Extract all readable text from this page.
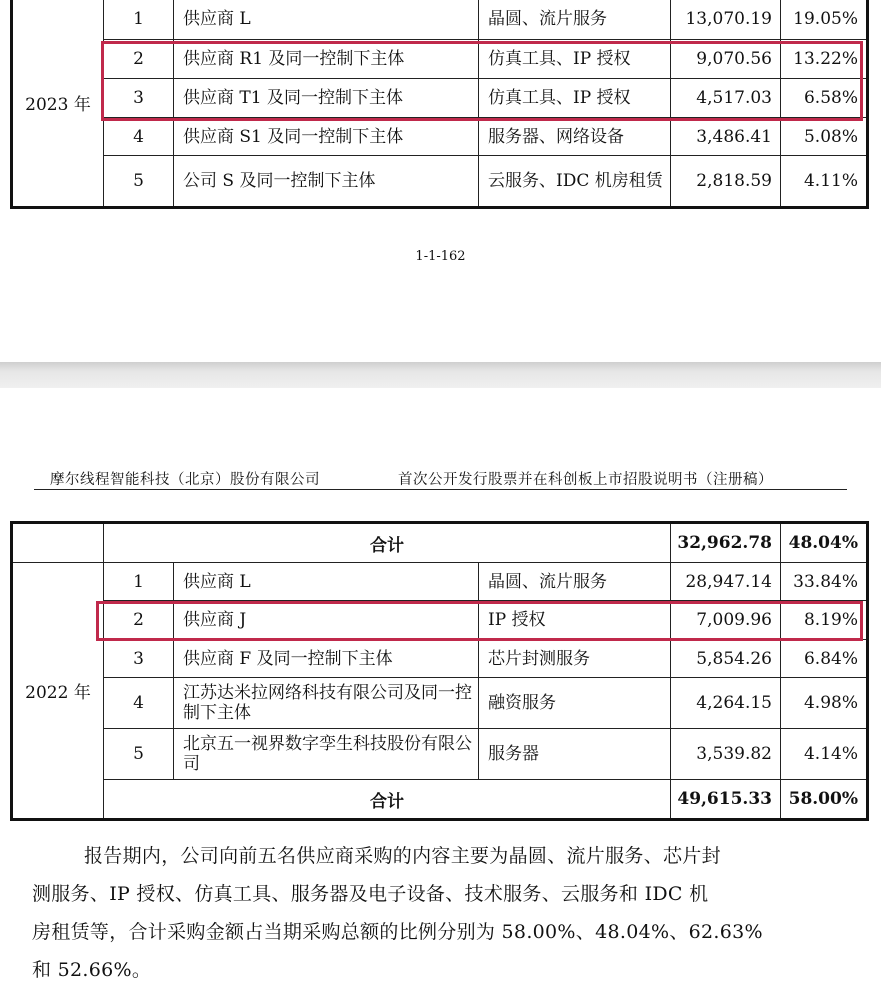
2023 年	1	供应商 L	晶圆、流片服务	13,070.19	19.05%
	2	供应商 R1 及同一控制下主体	仿真工具、IP 授权	9,070.56	13.22%
	3	供应商 T1 及同一控制下主体	仿真工具、IP 授权	4,517.03	6.58%
	4	供应商 S1 及同一控制下主体	服务器、网络设备	3,486.41	5.08%
	5	公司 S 及同一控制下主体	云服务、IDC 机房租赁	2,818.59	4.11%
1-1-162
摩尔线程智能科技（北京）股份有限公司	首次公开发行股票并在科创板上市招股说明书（注册稿）
	合计			32,962.78	48.04%
2022 年	1	供应商 L	晶圆、流片服务	28,947.14	33.84%
	2	供应商 J	IP 授权	7,009.96	8.19%
	3	供应商 F 及同一控制下主体	芯片封测服务	5,854.26	6.84%
	4	江苏达米拉网络科技有限公司及同一控制下主体	融资服务	4,264.15	4.98%
	5	北京五一视界数字孪生科技股份有限公司	服务器	3,539.82	4.14%
	合计			49,615.33	58.00%
报告期内，公司向前五名供应商采购的内容主要为晶圆、流片服务、芯片封
测服务、IP 授权、仿真工具、服务器及电子设备、技术服务、云服务和 IDC 机
房租赁等，合计采购金额占当期采购总额的比例分别为 58.00%、48.04%、62.63%
和 52.66%。
